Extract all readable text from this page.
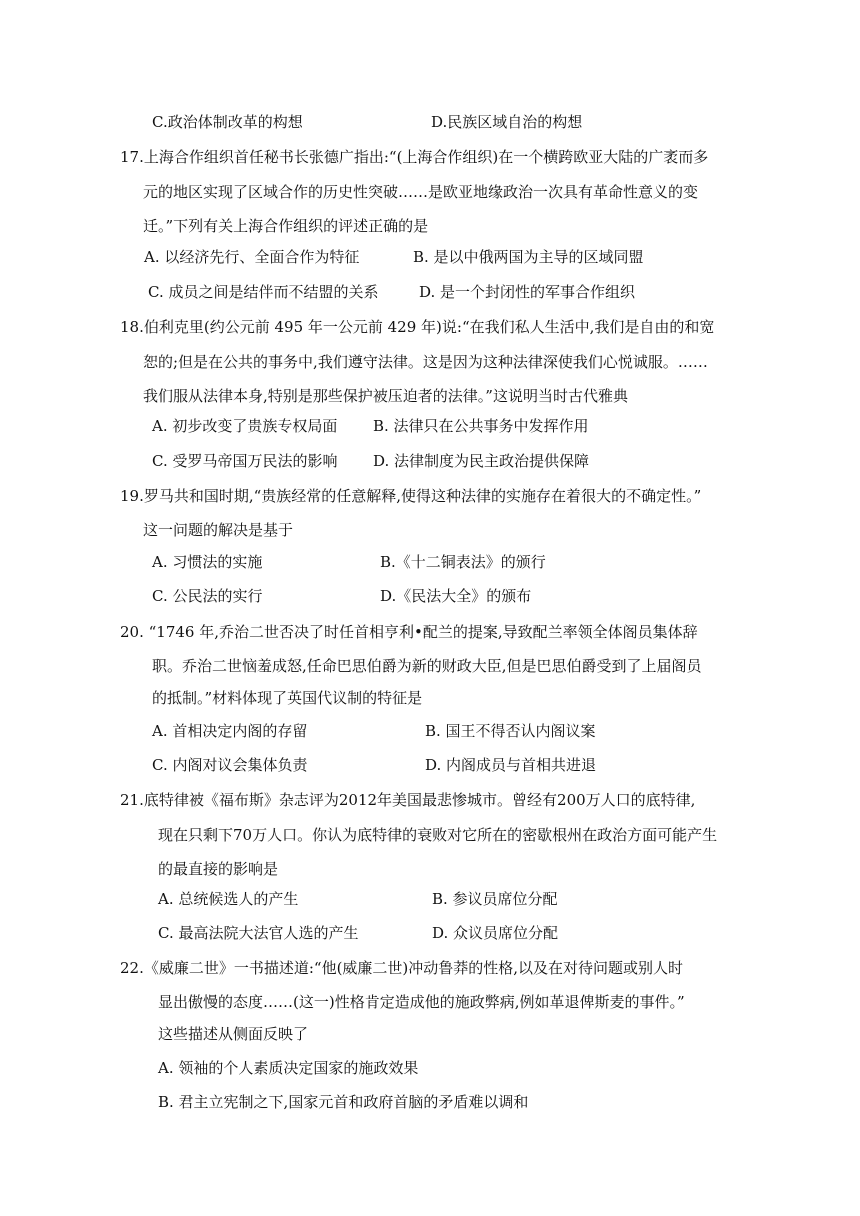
C.政治体制改革的构想	D.民族区域自治的构想
17.上海合作组织首任秘书长张德广指出:“(上海合作组织)在一个横跨欧亚大陆的广袤而多
元的地区实现了区域合作的历史性突破……是欧亚地缘政治一次具有革命性意义的变
迁。”下列有关上海合作组织的评述正确的是
A. 以经济先行、全面合作为特征	B. 是以中俄两国为主导的区域同盟
C. 成员之间是结伴而不结盟的关系	D. 是一个封闭性的军事合作组织
18.伯利克里(约公元前 495 年一公元前 429 年)说:“在我们私人生活中,我们是自由的和宽
恕的;但是在公共的事务中,我们遵守法律。这是因为这种法律深使我们心悦诚服。……
我们服从法律本身,特别是那些保护被压迫者的法律。”这说明当时古代雅典
A. 初步改变了贵族专权局面 B. 法律只在公共事务中发挥作用
C. 受罗马帝国万民法的影响 D. 法律制度为民主政治提供保障
19.罗马共和国时期,“贵族经常的任意解释,使得这种法律的实施存在着很大的不确定性。”
这一问题的解决是基于
A. 习惯法的实施	B.《十二铜表法》的颁行
C. 公民法的实行	D.《民法大全》的颁布
20. “1746 年,乔治二世否决了时任首相亨利•配兰的提案,导致配兰率领全体阁员集体辞
职。乔治二世恼羞成怒,任命巴思伯爵为新的财政大臣,但是巴思伯爵受到了上届阁员
的抵制。”材料体现了英国代议制的特征是
A. 首相决定内阁的存留	B. 国王不得否认内阁议案
C. 内阁对议会集体负责	D. 内阁成员与首相共进退
21.底特律被《福布斯》杂志评为2012年美国最悲惨城市。曾经有200万人口的底特律,
现在只剩下70万人口。你认为底特律的衰败对它所在的密歇根州在政治方面可能产生
的最直接的影响是
A. 总统候选人的产生	B. 参议员席位分配
C. 最高法院大法官人选的产生	D. 众议员席位分配
22.《威廉二世》一书描述道:“他(威廉二世)冲动鲁莽的性格,以及在对待问题或别人时
显出傲慢的态度……(这一)性格肯定造成他的施政弊病,例如革退俾斯麦的事件。”
这些描述从侧面反映了
A. 领袖的个人素质决定国家的施政效果
B. 君主立宪制之下,国家元首和政府首脑的矛盾难以调和
